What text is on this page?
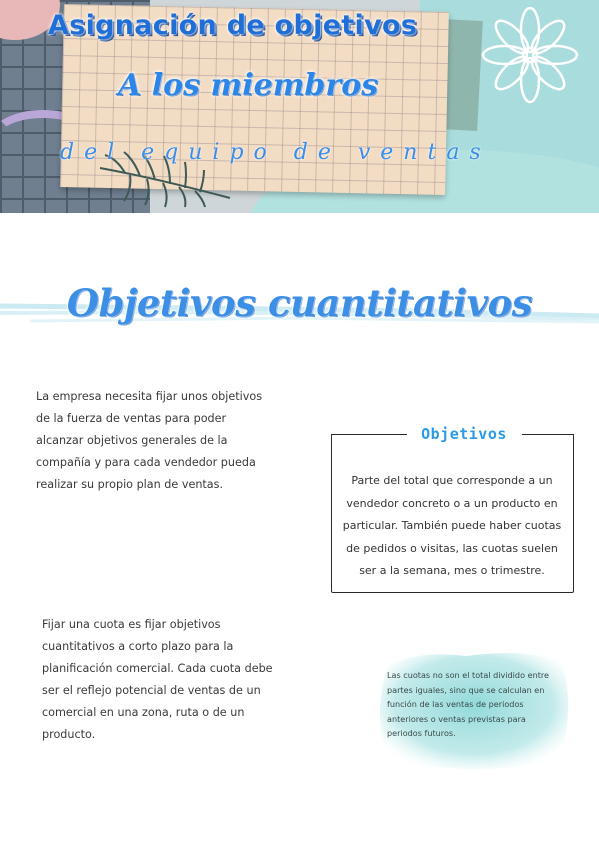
Asignación de objetivos
A los miembros
del equipo de ventas
Objetivos cuantitativos

La empresa necesita fijar unos objetivos de la fuerza de ventas para poder alcanzar objetivos generales de la compañía y para cada vendedor pueda realizar su propio plan de ventas.

Fijar una cuota es fijar objetivos cuantitativos a corto plazo para la planificación comercial. Cada cuota debe ser el reflejo potencial de ventas de un comercial en una zona, ruta o de un producto.

Objetivos

Parte del total que corresponde a un vendedor concreto o a un producto en particular. También puede haber cuotas de pedidos o visitas, las cuotas suelen ser a la semana, mes o trimestre.

Las cuotas no son el total dividido entre partes iguales, sino que se calculan en función de las ventas de periodos anteriores o ventas previstas para periodos futuros.
